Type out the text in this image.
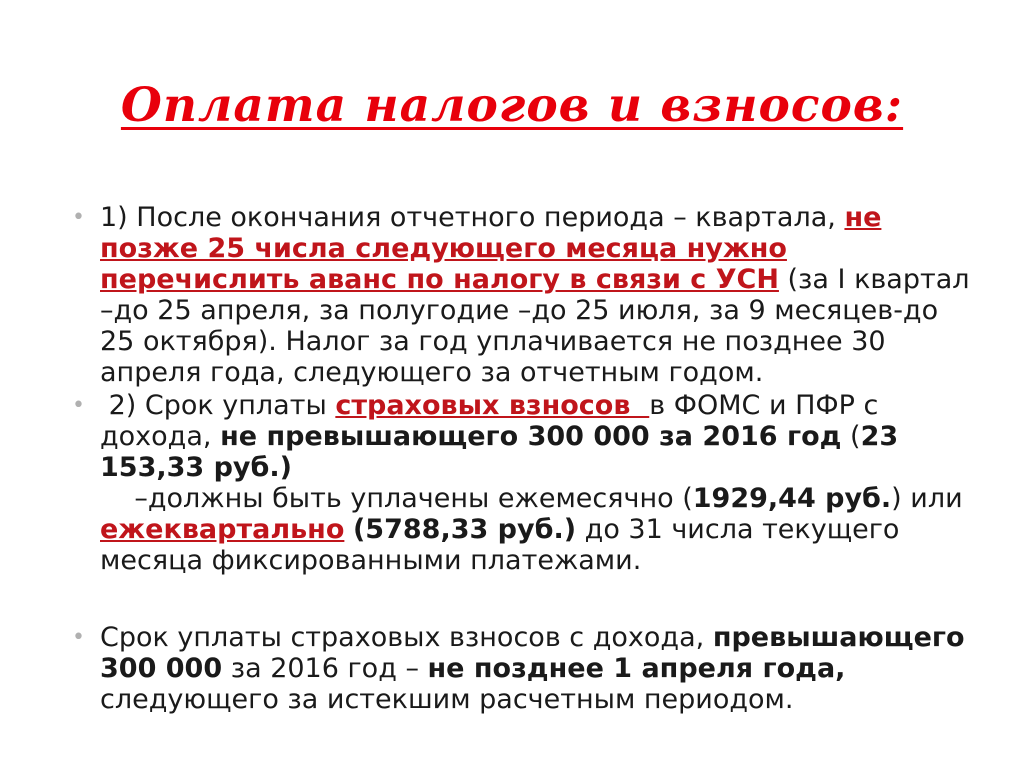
Оплата налогов и взносов:
• 1) После окончания отчетного периода – квартала, не позже 25 числа следующего месяца нужно перечислить аванс по налогу в связи с УСН (за I квартал –до 25 апреля, за полугодие –до 25 июля, за 9 месяцев-до 25 октября). Налог за год уплачивается не позднее 30 апреля года, следующего за отчетным годом.
• 2) Срок уплаты страховых взносов  в ФОМС и ПФР с дохода, не превышающего 300 000 за 2016 год (23 153,33 руб.)    –должны быть уплачены ежемесячно (1929,44 руб.) или ежеквартально (5788,33 руб.) до 31 числа текущего месяца фиксированными платежами.
• Срок уплаты страховых взносов с дохода, превышающего 300 000 за 2016 год – не позднее 1 апреля года, следующего за истекшим расчетным периодом.
